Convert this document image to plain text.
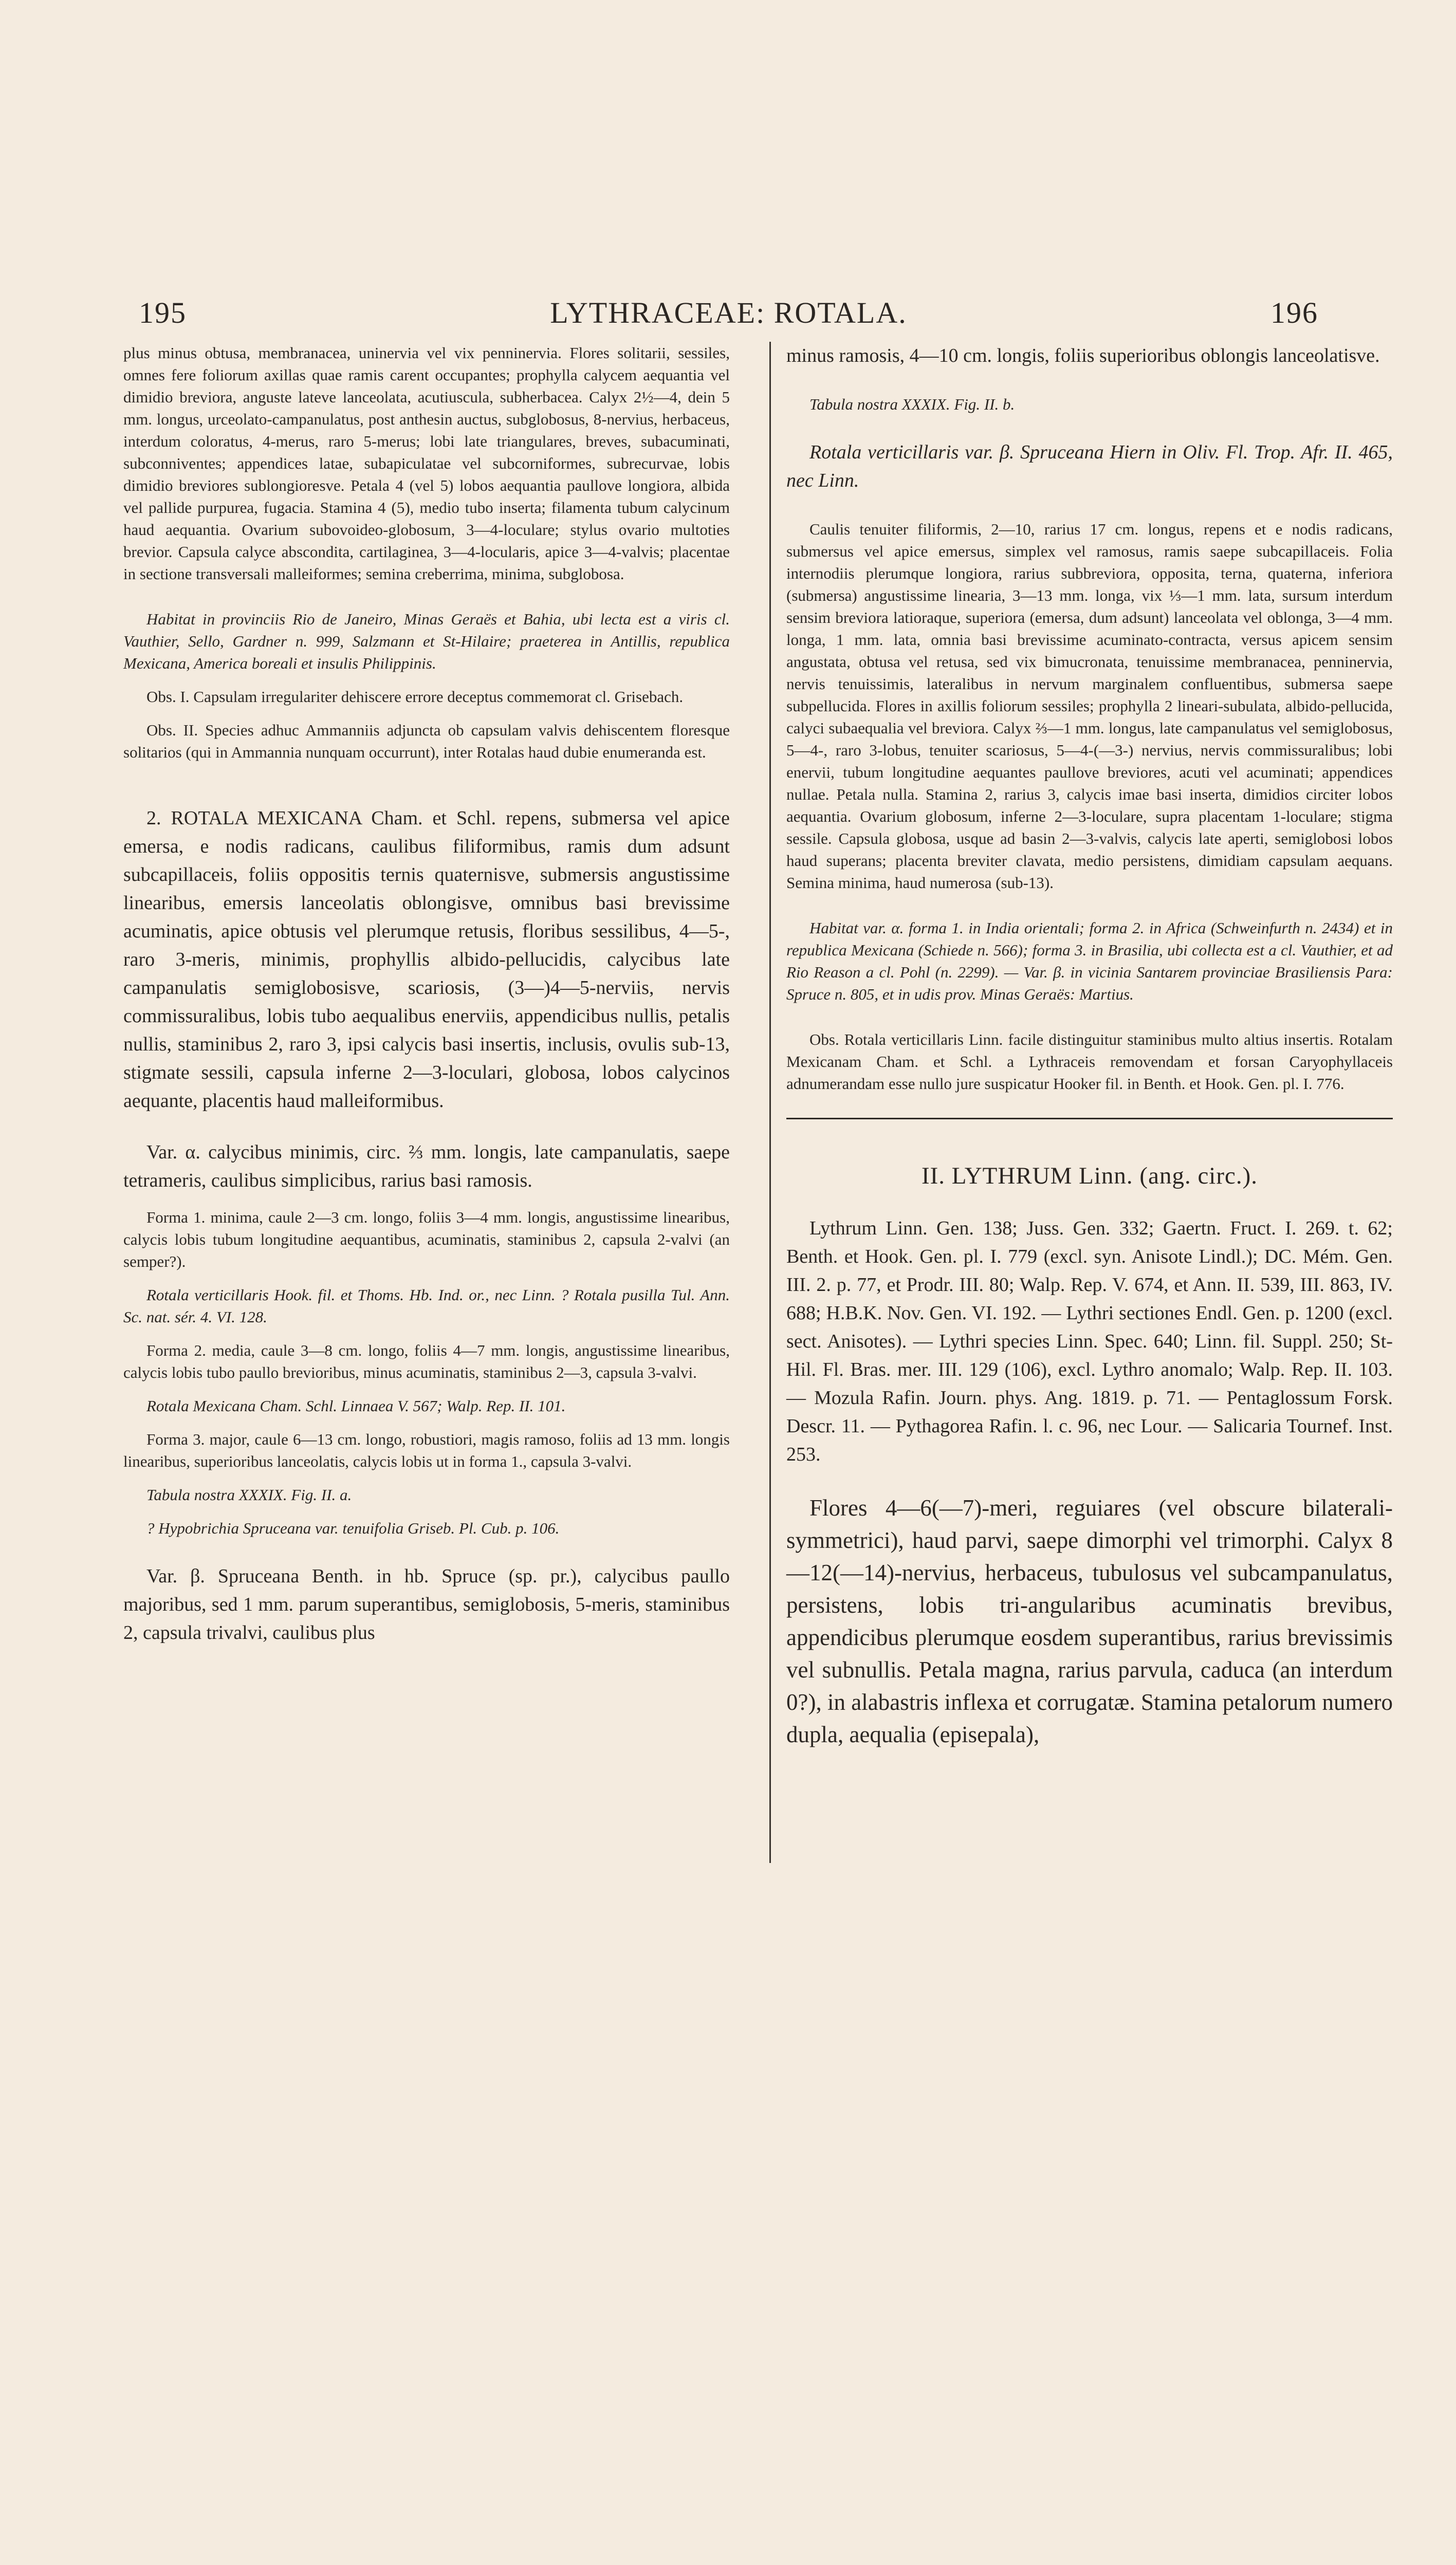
195	LYTHRACEAE: ROTALA.	196

plus minus obtusa, membranacea, uninervia vel vix penninervia. Flores solitarii, sessiles, omnes fere foliorum axillas quae ramis carent occupantes; prophylla calycem aequantia vel dimidio breviora, anguste lateve lanceolata, acutiuscula, subherbacea. Calyx 2½—4, dein 5 mm. longus, urceolato-campanulatus, post anthesin auctus, subglobosus, 8-nervius, herbaceus, interdum coloratus, 4-merus, raro 5-merus; lobi late triangulares, breves, subacuminati, subconniventes; appendices latae, subapiculatae vel subcorniformes, subrecurvae, lobis dimidio breviores sublongioresve. Petala 4 (vel 5) lobos aequantia paullove longiora, albida vel pallide purpurea, fugacia. Stamina 4 (5), medio tubo inserta; filamenta tubum calycinum haud aequantia. Ovarium subovoideo-globosum, 3—4-loculare; stylus ovario multoties brevior. Capsula calyce abscondita, cartilaginea, 3—4-locularis, apice 3—4-valvis; placentae in sectione transversali malleiformes; semina creberrima, minima, subglobosa.

Habitat in provinciis Rio de Janeiro, Minas Geraës et Bahia, ubi lecta est a viris cl. Vauthier, Sello, Gardner n. 999, Salzmann et St-Hilaire; praeterea in Antillis, republica Mexicana, America boreali et insulis Philippinis.

Obs. I. Capsulam irregulariter dehiscere errore deceptus commemorat cl. Grisebach.

Obs. II. Species adhuc Ammanniis adjuncta ob capsulam valvis dehiscentem floresque solitarios (qui in Ammannia nunquam occurrunt), inter Rotalas haud dubie enumeranda est.

2. ROTALA MEXICANA Cham. et Schl. repens, submersa vel apice emersa, e nodis radicans, caulibus filiformibus, ramis dum adsunt subcapillaceis, foliis oppositis ternis quaternisve, submersis angustissime linearibus, emersis lanceolatis oblongisve, omnibus basi brevissime acuminatis, apice obtusis vel plerumque retusis, floribus sessilibus, 4—5-, raro 3-meris, minimis, prophyllis albido-pellucidis, calycibus late campanulatis semiglobosisve, scariosis, (3—)4—5-nerviis, nervis commissuralibus, lobis tubo aequalibus enerviis, appendicibus nullis, petalis nullis, staminibus 2, raro 3, ipsi calycis basi insertis, inclusis, ovulis sub-13, stigmate sessili, capsula inferne 2—3-loculari, globosa, lobos calycinos aequante, placentis haud malleiformibus.

Var. α. calycibus minimis, circ. ⅔ mm. longis, late campanulatis, saepe tetrameris, caulibus simplicibus, rarius basi ramosis.

Forma 1. minima, caule 2—3 cm. longo, foliis 3—4 mm. longis, angustissime linearibus, calycis lobis tubum longitudine aequantibus, acuminatis, staminibus 2, capsula 2-valvi (an semper?).

Rotala verticillaris Hook. fil. et Thoms. Hb. Ind. or., nec Linn. ? Rotala pusilla Tul. Ann. Sc. nat. sér. 4. VI. 128.

Forma 2. media, caule 3—8 cm. longo, foliis 4—7 mm. longis, angustissime linearibus, calycis lobis tubo paullo brevioribus, minus acuminatis, staminibus 2—3, capsula 3-valvi.

Rotala Mexicana Cham. Schl. Linnaea V. 567; Walp. Rep. II. 101.

Forma 3. major, caule 6—13 cm. longo, robustiori, magis ramoso, foliis ad 13 mm. longis linearibus, superioribus lanceolatis, calycis lobis ut in forma 1., capsula 3-valvi.

Tabula nostra XXXIX. Fig. II. a.

? Hypobrichia Spruceana var. tenuifolia Griseb. Pl. Cub. p. 106.

Var. β. Spruceana Benth. in hb. Spruce (sp. pr.), calycibus paullo majoribus, sed 1 mm. parum superantibus, semiglobosis, 5-meris, staminibus 2, capsula trivalvi, caulibus plus

minus ramosis, 4—10 cm. longis, foliis superioribus oblongis lanceolatisve.

Tabula nostra XXXIX. Fig. II. b.

Rotala verticillaris var. β. Spruceana Hiern in Oliv. Fl. Trop. Afr. II. 465, nec Linn.

Caulis tenuiter filiformis, 2—10, rarius 17 cm. longus, repens et e nodis radicans, submersus vel apice emersus, simplex vel ramosus, ramis saepe subcapillaceis. Folia internodiis plerumque longiora, rarius subbreviora, opposita, terna, quaterna, inferiora (submersa) angustissime linearia, 3—13 mm. longa, vix ⅓—1 mm. lata, sursum interdum sensim breviora latioraque, superiora (emersa, dum adsunt) lanceolata vel oblonga, 3—4 mm. longa, 1 mm. lata, omnia basi brevissime acuminato-contracta, versus apicem sensim angustata, obtusa vel retusa, sed vix bimucronata, tenuissime membranacea, penninervia, nervis tenuissimis, lateralibus in nervum marginalem confluentibus, submersa saepe subpellucida. Flores in axillis foliorum sessiles; prophylla 2 lineari-subulata, albido-pellucida, calyci subaequalia vel breviora. Calyx ⅔—1 mm. longus, late campanulatus vel semiglobosus, 5—4-, raro 3-lobus, tenuiter scariosus, 5—4-(—3-) nervius, nervis commissuralibus; lobi enervii, tubum longitudine aequantes paullove breviores, acuti vel acuminati; appendices nullae. Petala nulla. Stamina 2, rarius 3, calycis imae basi inserta, dimidios circiter lobos aequantia. Ovarium globosum, inferne 2—3-loculare, supra placentam 1-loculare; stigma sessile. Capsula globosa, usque ad basin 2—3-valvis, calycis late aperti, semiglobosi lobos haud superans; placenta breviter clavata, medio persistens, dimidiam capsulam aequans. Semina minima, haud numerosa (sub-13).

Habitat var. α. forma 1. in India orientali; forma 2. in Africa (Schweinfurth n. 2434) et in republica Mexicana (Schiede n. 566); forma 3. in Brasilia, ubi collecta est a cl. Vauthier, et ad Rio Reason a cl. Pohl (n. 2299). — Var. β. in vicinia Santarem provinciae Brasiliensis Para: Spruce n. 805, et in udis prov. Minas Geraës: Martius.

Obs. Rotala verticillaris Linn. facile distinguitur staminibus multo altius insertis. Rotalam Mexicanam Cham. et Schl. a Lythraceis removendam et forsan Caryophyllaceis adnumerandam esse nullo jure suspicatur Hooker fil. in Benth. et Hook. Gen. pl. I. 776.

II. LYTHRUM Linn. (ang. circ.).

Lythrum Linn. Gen. 138; Juss. Gen. 332; Gaertn. Fruct. I. 269. t. 62; Benth. et Hook. Gen. pl. I. 779 (excl. syn. Anisote Lindl.); DC. Mém. Gen. III. 2. p. 77, et Prodr. III. 80; Walp. Rep. V. 674, et Ann. II. 539, III. 863, IV. 688; H.B.K. Nov. Gen. VI. 192. — Lythri sectiones Endl. Gen. p. 1200 (excl. sect. Anisotes). — Lythri species Linn. Spec. 640; Linn. fil. Suppl. 250; St-Hil. Fl. Bras. mer. III. 129 (106), excl. Lythro anomalo; Walp. Rep. II. 103. — Mozula Rafin. Journ. phys. Ang. 1819. p. 71. — Pentaglossum Forsk. Descr. 11. — Pythagorea Rafin. l. c. 96, nec Lour. — Salicaria Tournef. Inst. 253.

Flores 4—6(—7)-meri, reguiares (vel obscure bilaterali-symmetrici), haud parvi, saepe dimorphi vel trimorphi. Calyx 8—12(—14)-nervius, herbaceus, tubulosus vel subcampanulatus, persistens, lobis tri-angularibus acuminatis brevibus, appendicibus plerumque eosdem superantibus, rarius brevissimis vel subnullis. Petala magna, rarius parvula, caduca (an interdum 0?), in alabastris inflexa et corrugatæ. Stamina petalorum numero dupla, aequalia (episepala),
